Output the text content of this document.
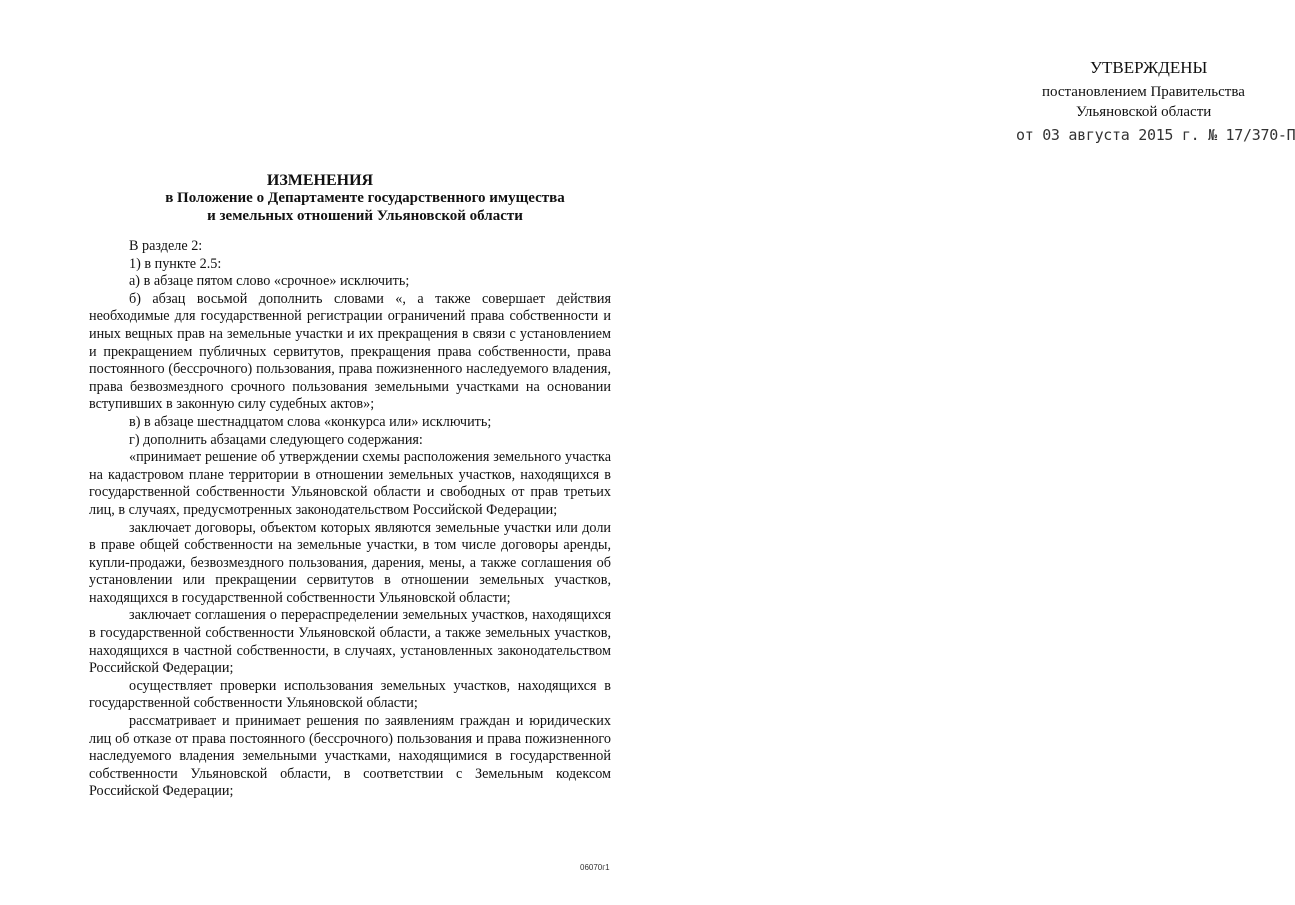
УТВЕРЖДЕНЫ
постановлением Правительства
Ульяновской области
от 03 августа 2015 г. № 17/370-П
ИЗМЕНЕНИЯ
в Положение о Департаменте государственного имущества
и земельных отношений Ульяновской области

В разделе 2:

1) в пункте 2.5:

а) в абзаце пятом слово «срочное» исключить;

б) абзац восьмой дополнить словами «, а также совершает действия необходимые для государственной регистрации ограничений права собственности и иных вещных прав на земельные участки и их прекращения в связи с установлением и прекращением публичных сервитутов, прекращения права собственности, права постоянного (бессрочного) пользования, права пожизненного наследуемого владения, права безвозмездного срочного пользования земельными участками на основании вступивших в законную силу судебных актов»;

в) в абзаце шестнадцатом слова «конкурса или» исключить;

г) дополнить абзацами следующего содержания:

«принимает решение об утверждении схемы расположения земельного участка на кадастровом плане территории в отношении земельных участков, находящихся в государственной собственности Ульяновской области и свободных от прав третьих лиц, в случаях, предусмотренных законодательством Российской Федерации;

заключает договоры, объектом которых являются земельные участки или доли в праве общей собственности на земельные участки, в том числе договоры аренды, купли-продажи, безвозмездного пользования, дарения, мены, а также соглашения об установлении или прекращении сервитутов в отношении земельных участков, находящихся в государственной собственности Ульяновской области;

заключает соглашения о перераспределении земельных участков, находящихся в государственной собственности Ульяновской области, а также земельных участков, находящихся в частной собственности, в случаях, установленных законодательством Российской Федерации;

осуществляет проверки использования земельных участков, находящихся в государственной собственности Ульяновской области;

рассматривает и принимает решения по заявлениям граждан и юридических лиц об отказе от права постоянного (бессрочного) пользования и права пожизненного наследуемого владения земельными участками, находящимися в государственной собственности Ульяновской области, в соответствии с Земельным кодексом Российской Федерации;

06070г1
